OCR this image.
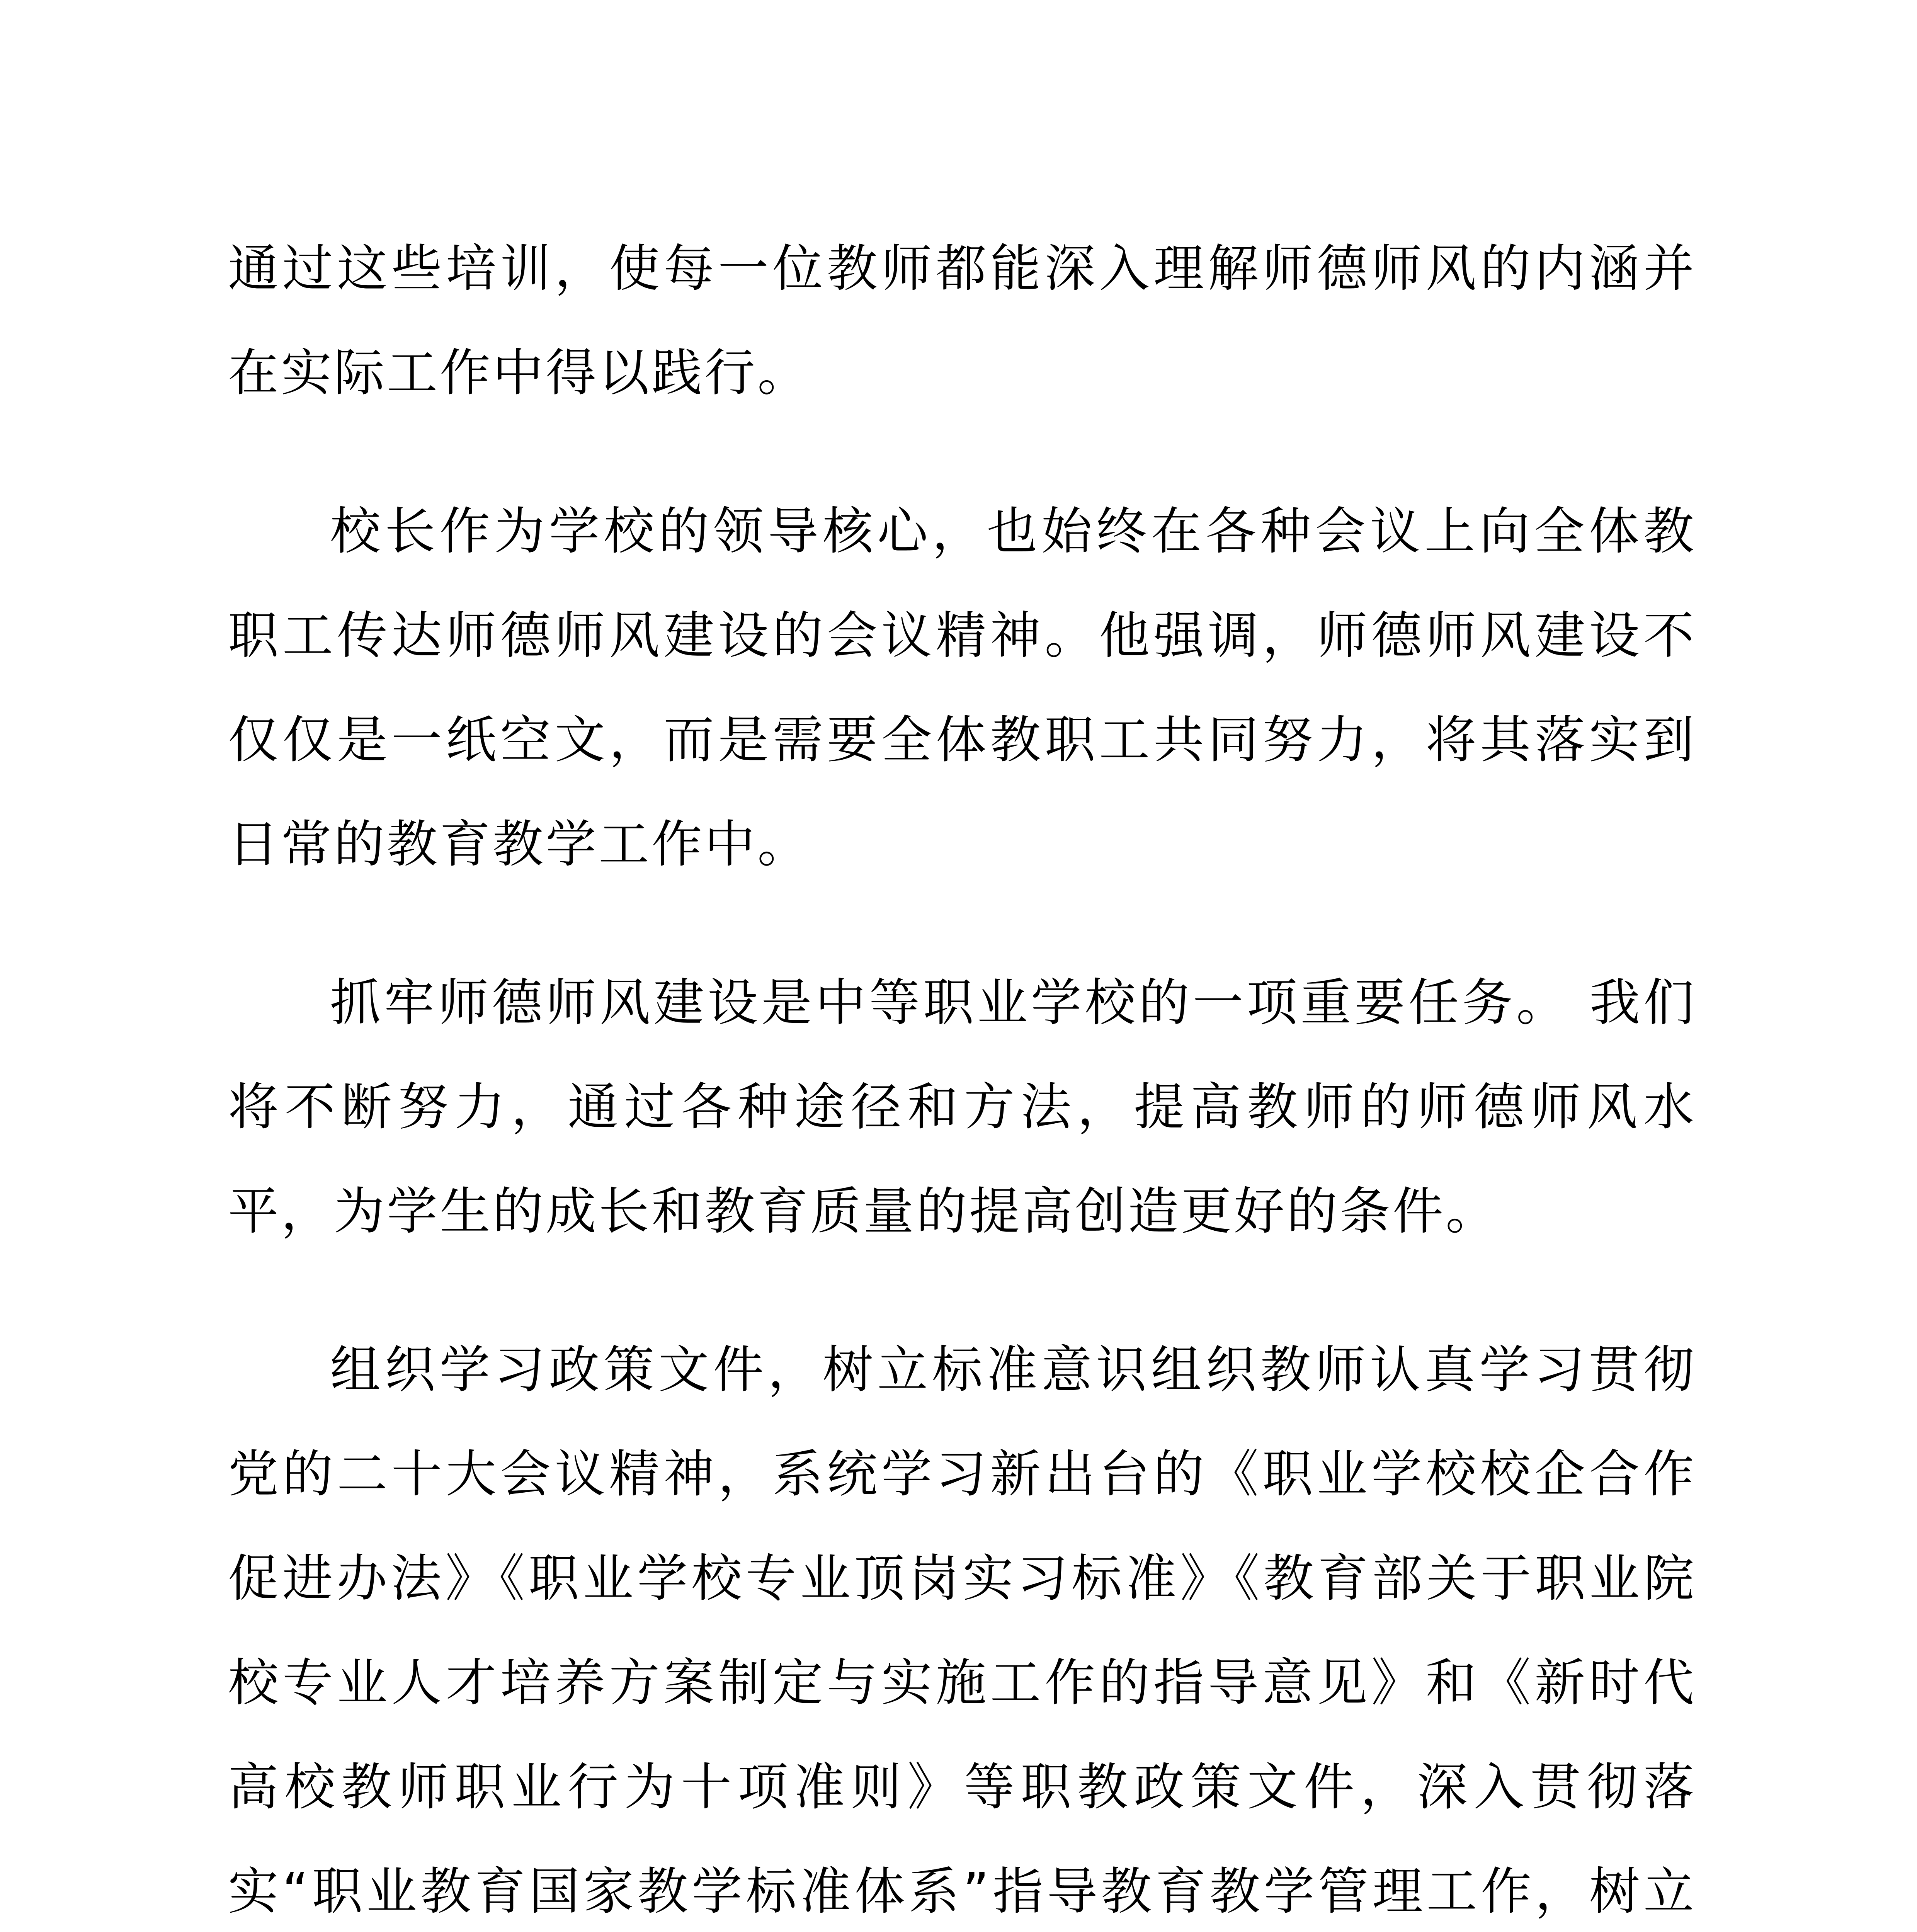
通过这些培训，使每一位教师都能深入理解师德师风的内涵并在实际工作中得以践行。

校长作为学校的领导核心，也始终在各种会议上向全体教职工传达师德师风建设的会议精神。他强调，师德师风建设不仅仅是一纸空文，而是需要全体教职工共同努力，将其落实到日常的教育教学工作中。

抓牢师德师风建设是中等职业学校的一项重要任务。 我们将不断努力，通过各种途径和方法，提高教师的师德师风水平，为学生的成长和教育质量的提高创造更好的条件。

组织学习政策文件，树立标准意识组织教师认真学习贯彻党的二十大会议精神，系统学习新出台的《职业学校校企合作促进办法》《职业学校专业顶岗实习标准》《教育部关于职业院校专业人才培养方案制定与实施工作的指导意见》和《新时代高校教师职业行为十项准则》等职教政策文件，深入贯彻落实“职业教育国家教学标准体系”指导教育教学管理工作，树立
